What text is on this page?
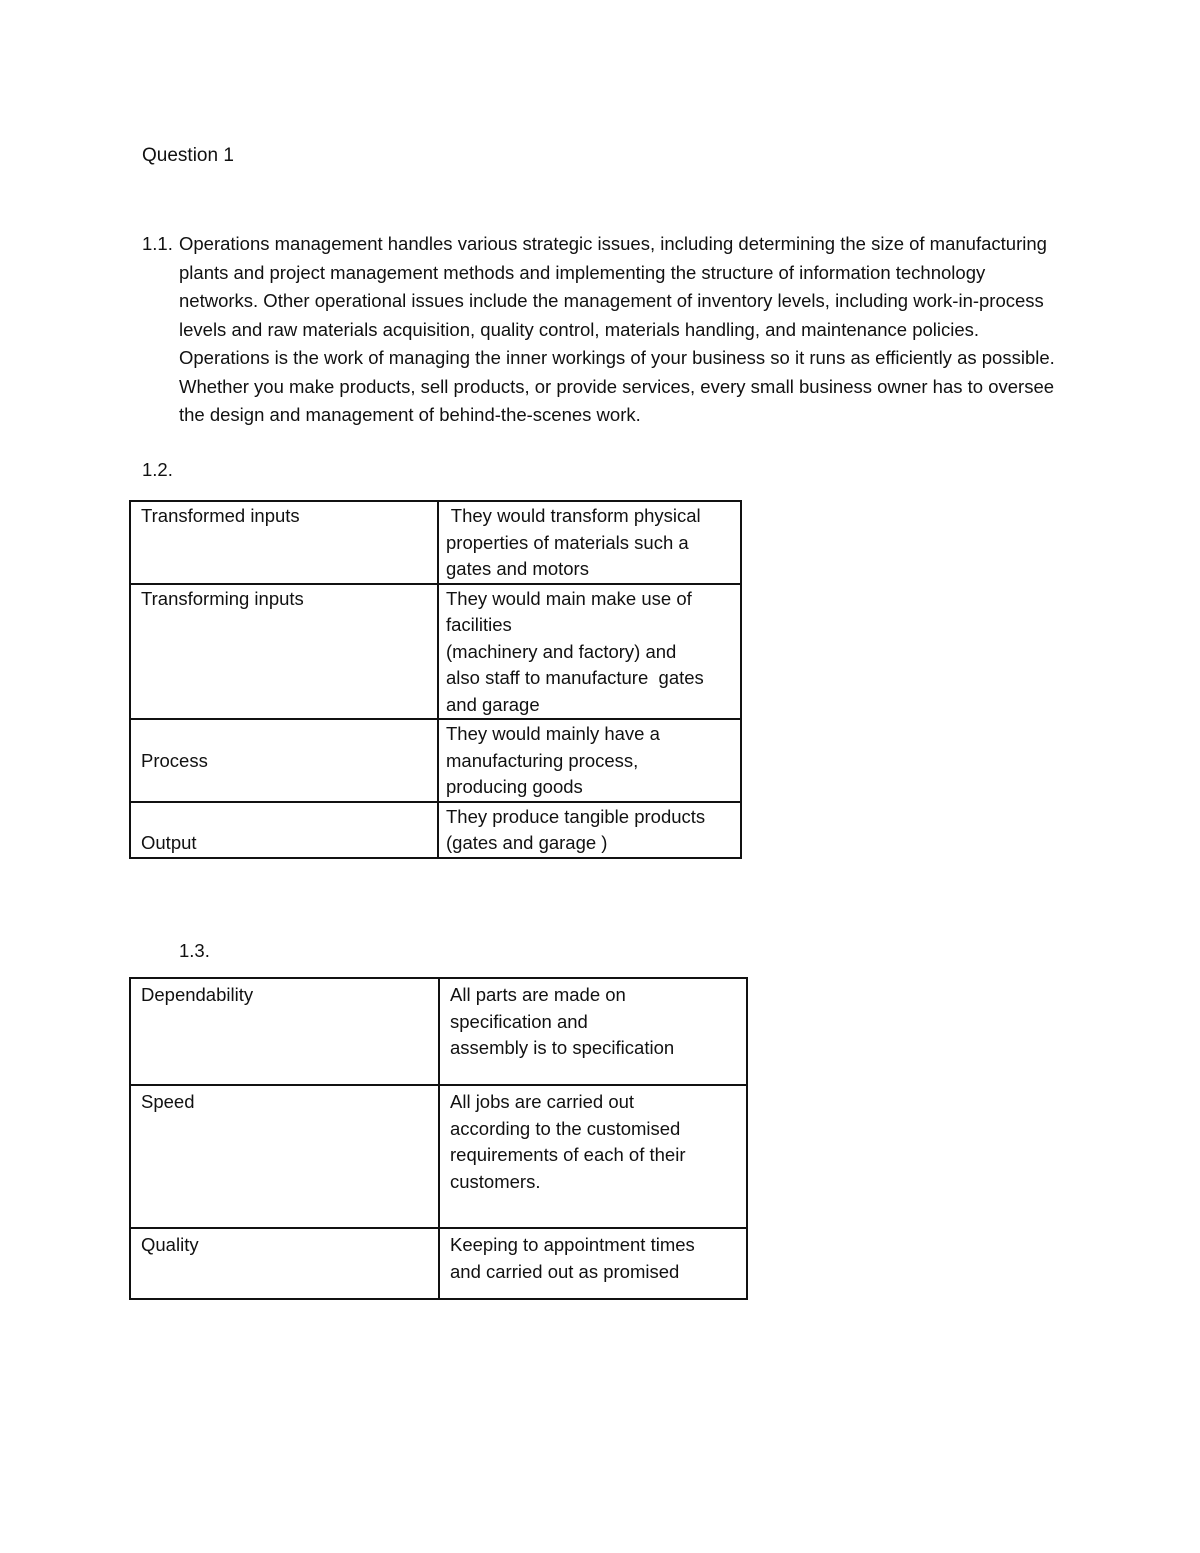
Question 1
1.1. Operations management handles various strategic issues, including determining the size of manufacturing plants and project management methods and implementing the structure of information technology networks. Other operational issues include the management of inventory levels, including work-in-process levels and raw materials acquisition, quality control, materials handling, and maintenance policies. Operations is the work of managing the inner workings of your business so it runs as efficiently as possible. Whether you make products, sell products, or provide services, every small business owner has to oversee the design and management of behind-the-scenes work.
1.2.
Transformed inputs	They would transform physical
properties of materials such a
gates and motors

Transforming inputs	They would main make use of
facilities
(machinery and factory) and
also staff to manufacture  gates
and garage

Process	They would mainly have a
manufacturing process,
producing goods

Output	They produce tangible products
(gates and garage )
1.3.
Dependability	All parts are made on
specification and
assembly is to specification

Speed	All jobs are carried out
according to the customised
requirements of each of their
customers.

Quality	Keeping to appointment times
and carried out as promised
